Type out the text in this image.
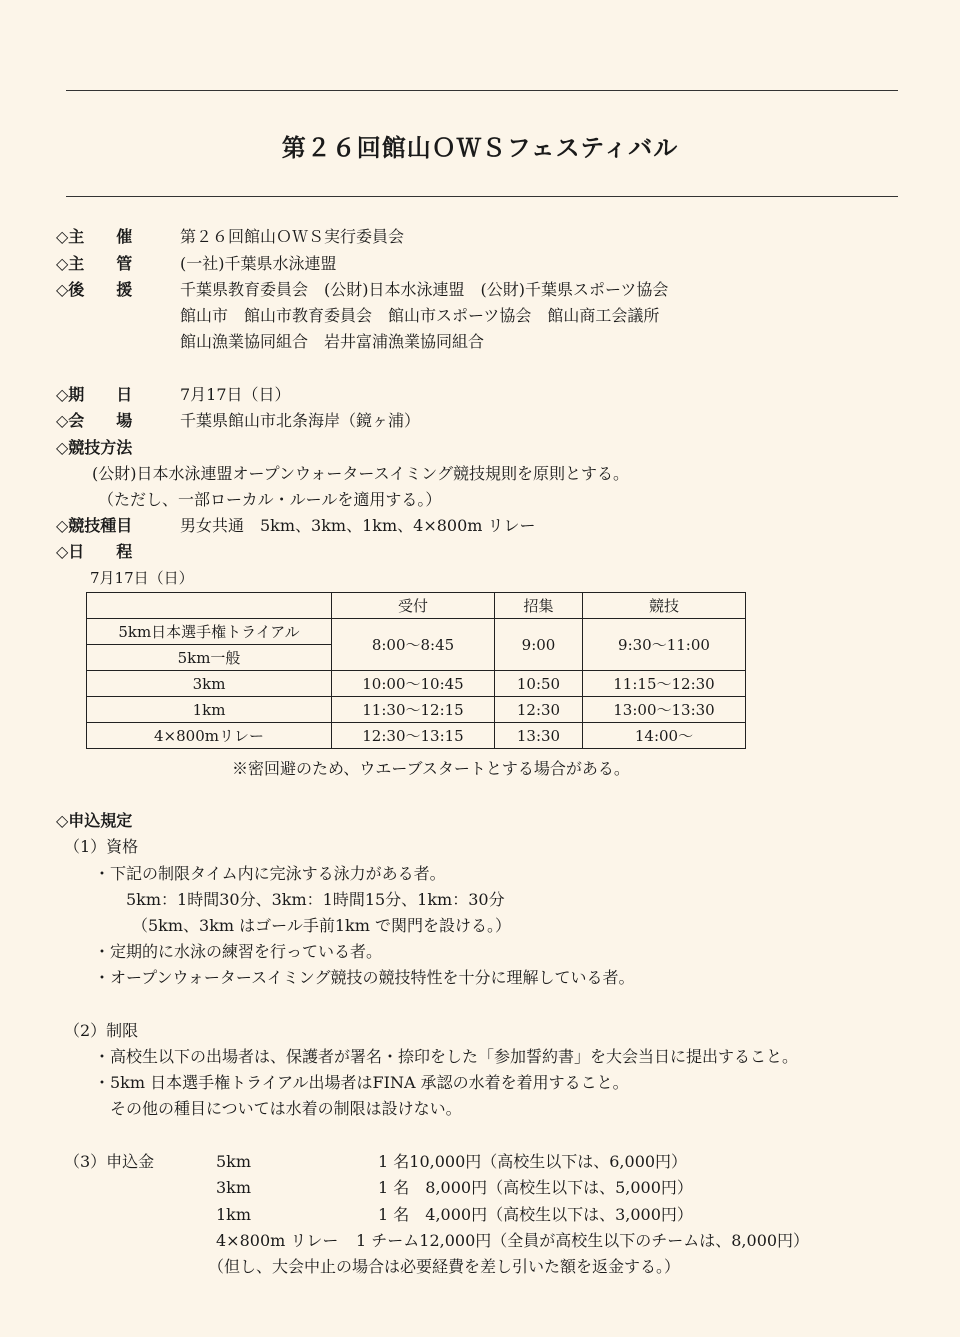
第２６回館山ＯＷＳフェスティバル
◇主　　催	第２６回館山ＯＷＳ実行委員会
◇主　　管	(一社)千葉県水泳連盟
◇後　　援	千葉県教育委員会　(公財)日本水泳連盟　(公財)千葉県スポーツ協会
館山市　館山市教育委員会　館山市スポーツ協会　館山商工会議所
館山漁業協同組合　岩井富浦漁業協同組合
◇期　　日	7月17日（日）
◇会　　場	千葉県館山市北条海岸（鏡ヶ浦）
◇競技方法
(公財)日本水泳連盟オープンウォータースイミング競技規則を原則とする。
（ただし、一部ローカル・ルールを適用する。）
◇競技種目	男女共通　5km、3km、1km、4×800m リレー
◇日　　程
7月17日（日）
	受付	招集	競技
5km日本選手権トライアル	8:00〜8:45	9:00	9:30〜11:00
5km一般			
3km	10:00〜10:45	10:50	11:15〜12:30
1km	11:30〜12:15	12:30	13:00〜13:30
4×800mリレー	12:30〜13:15	13:30	14:00〜
※密回避のため、ウエーブスタートとする場合がある。
◇申込規定
（1）資格
・下記の制限タイム内に完泳する泳力がある者。
5km：1時間30分、3km：1時間15分、1km：30分
（5km、3km はゴール手前1km で関門を設ける。）
・定期的に水泳の練習を行っている者。
・オープンウォータースイミング競技の競技特性を十分に理解している者。
（2）制限
・高校生以下の出場者は、保護者が署名・捺印をした「参加誓約書」を大会当日に提出すること。
・5km 日本選手権トライアル出場者はFINA 承認の水着を着用すること。
その他の種目については水着の制限は設けない。
（3）申込金	5km	1 名10,000円（高校生以下は、6,000円）
3km	1 名　8,000円（高校生以下は、5,000円）
1km	1 名　4,000円（高校生以下は、3,000円）
4×800m リレー 1 チーム12,000円（全員が高校生以下のチームは、8,000円）
（但し、大会中止の場合は必要経費を差し引いた額を返金する。）
